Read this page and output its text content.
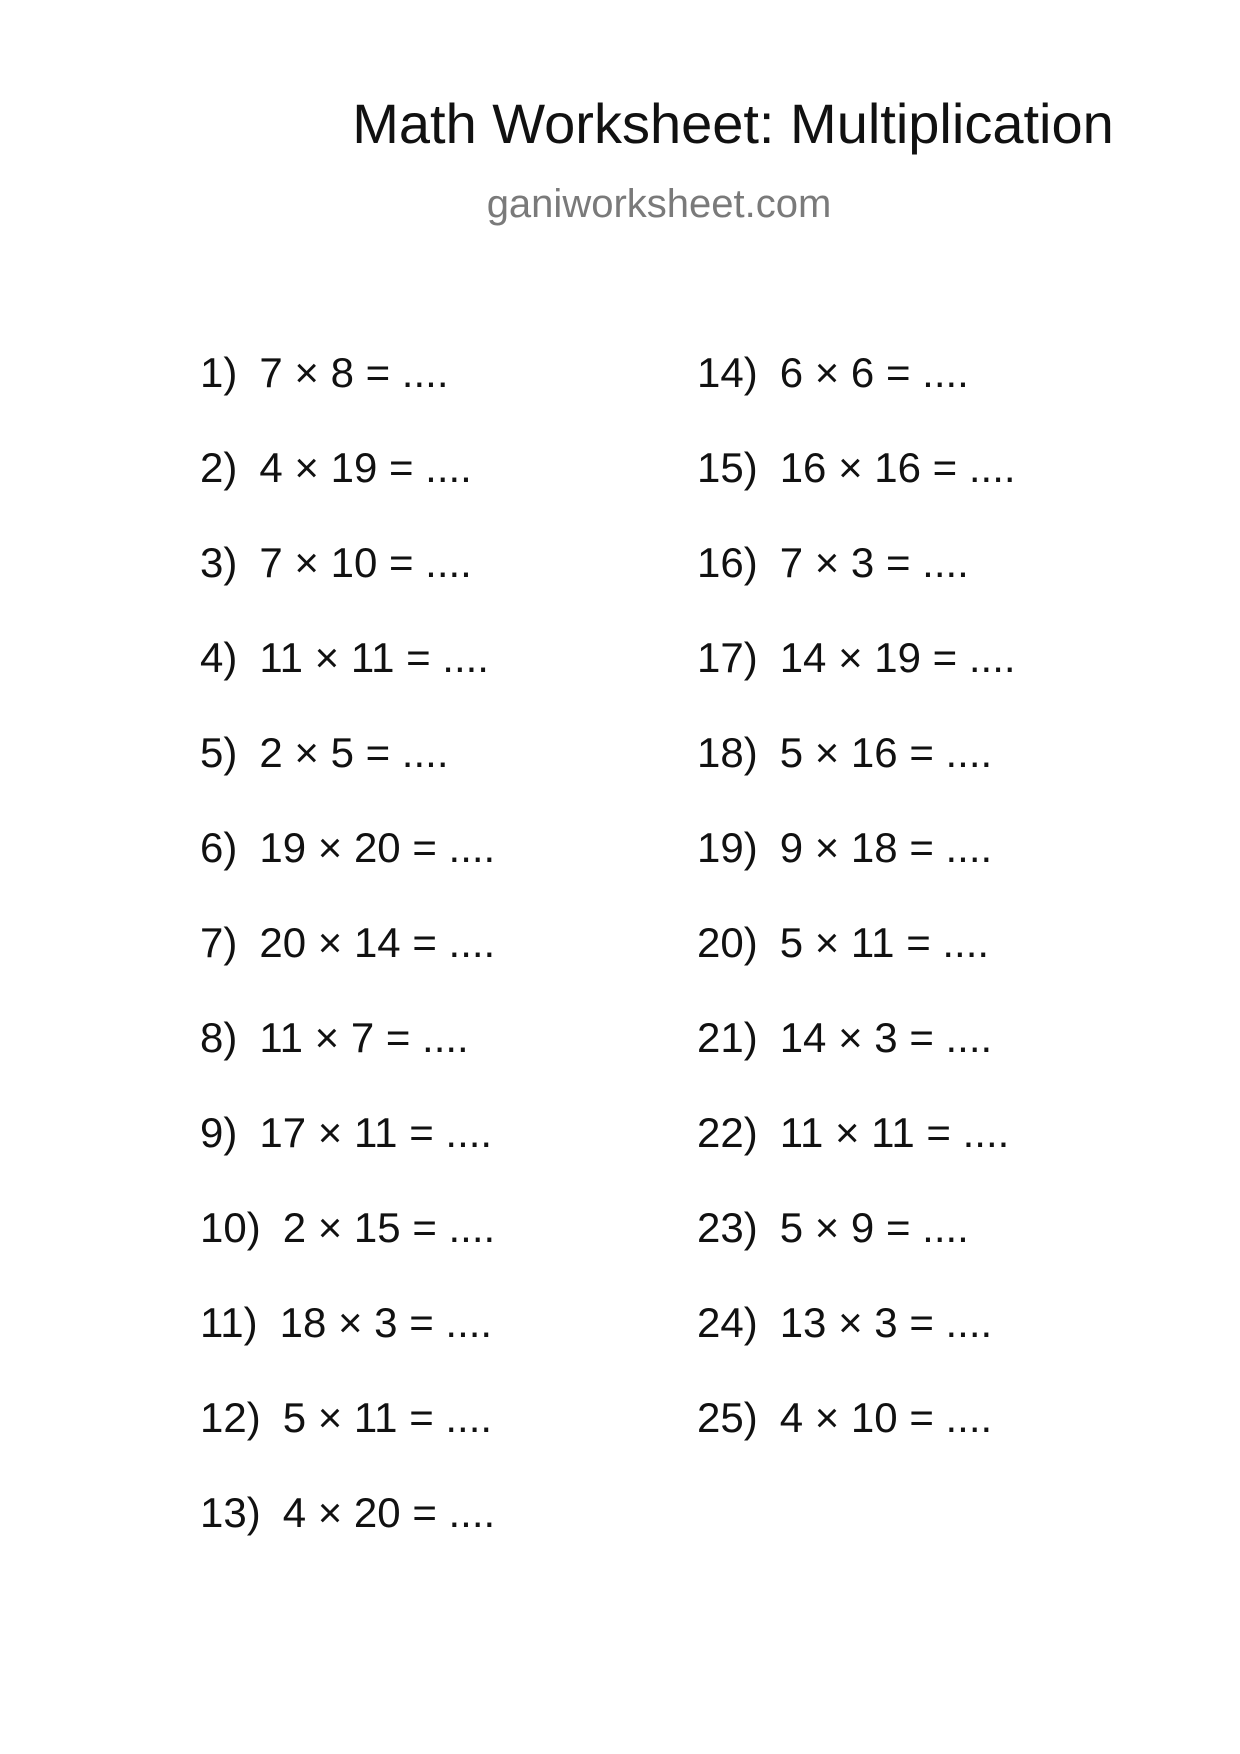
Math Worksheet: Multiplication
ganiworksheet.com
1) 7 × 8 = ....
2) 4 × 19 = ....
3) 7 × 10 = ....
4) 11 × 11 = ....
5) 2 × 5 = ....
6) 19 × 20 = ....
7) 20 × 14 = ....
8) 11 × 7 = ....
9) 17 × 11 = ....
10) 2 × 15 = ....
11) 18 × 3 = ....
12) 5 × 11 = ....
13) 4 × 20 = ....
14) 6 × 6 = ....
15) 16 × 16 = ....
16) 7 × 3 = ....
17) 14 × 19 = ....
18) 5 × 16 = ....
19) 9 × 18 = ....
20) 5 × 11 = ....
21) 14 × 3 = ....
22) 11 × 11 = ....
23) 5 × 9 = ....
24) 13 × 3 = ....
25) 4 × 10 = ....
